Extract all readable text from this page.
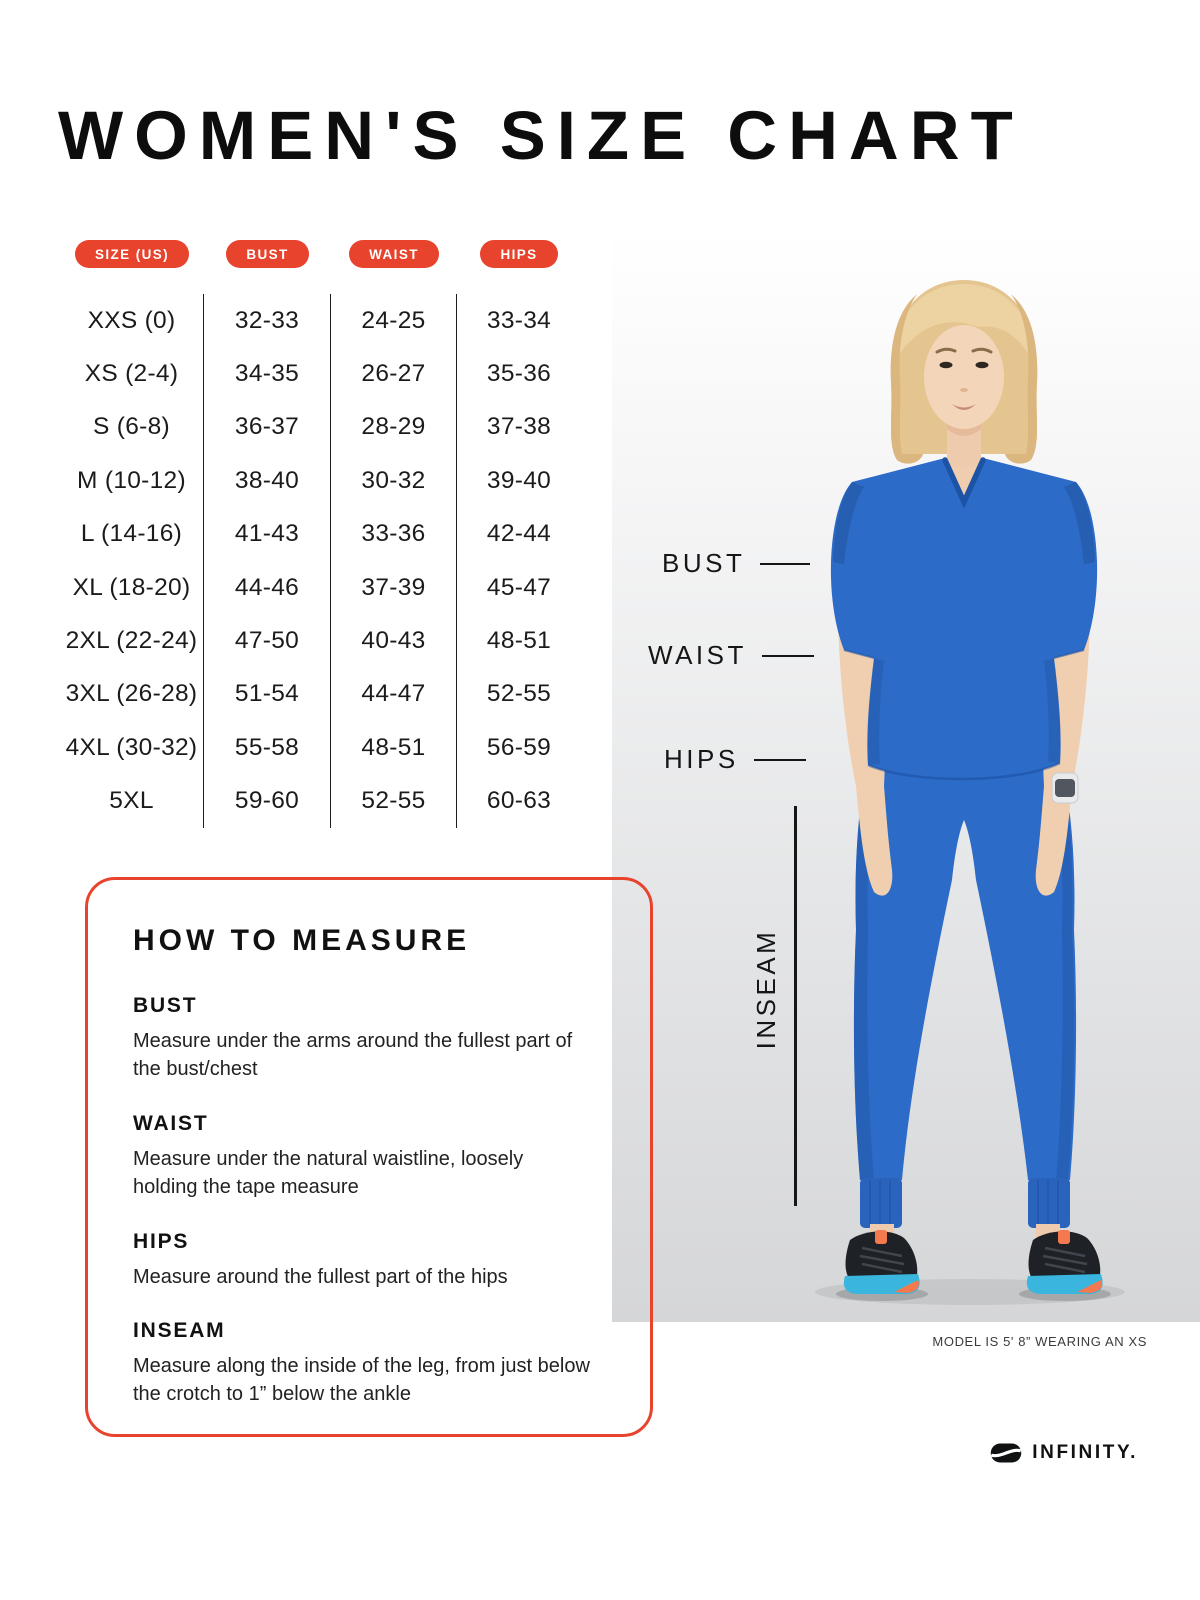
WOMEN'S SIZE CHART
SIZE (US)	BUST	WAIST	HIPS
XXS (0)	32-33	24-25	33-34
XS (2-4)	34-35	26-27	35-36
S (6-8)	36-37	28-29	37-38
M (10-12)	38-40	30-32	39-40
L (14-16)	41-43	33-36	42-44
XL (18-20)	44-46	37-39	45-47
2XL (22-24)	47-50	40-43	48-51
3XL (26-28)	51-54	44-47	52-55
4XL (30-32)	55-58	48-51	56-59
5XL	59-60	52-55	60-63
BUST
WAIST
HIPS
INSEAM
HOW TO MEASURE
BUST

Measure under the arms around the fullest part of the bust/chest

WAIST

Measure under the natural waistline, loosely holding the tape measure

HIPS

Measure around the fullest part of the hips

INSEAM

Measure along the inside of the leg, from just below the crotch to 1” below the ankle

MODEL IS 5' 8” WEARING AN XS
INFINITY.
